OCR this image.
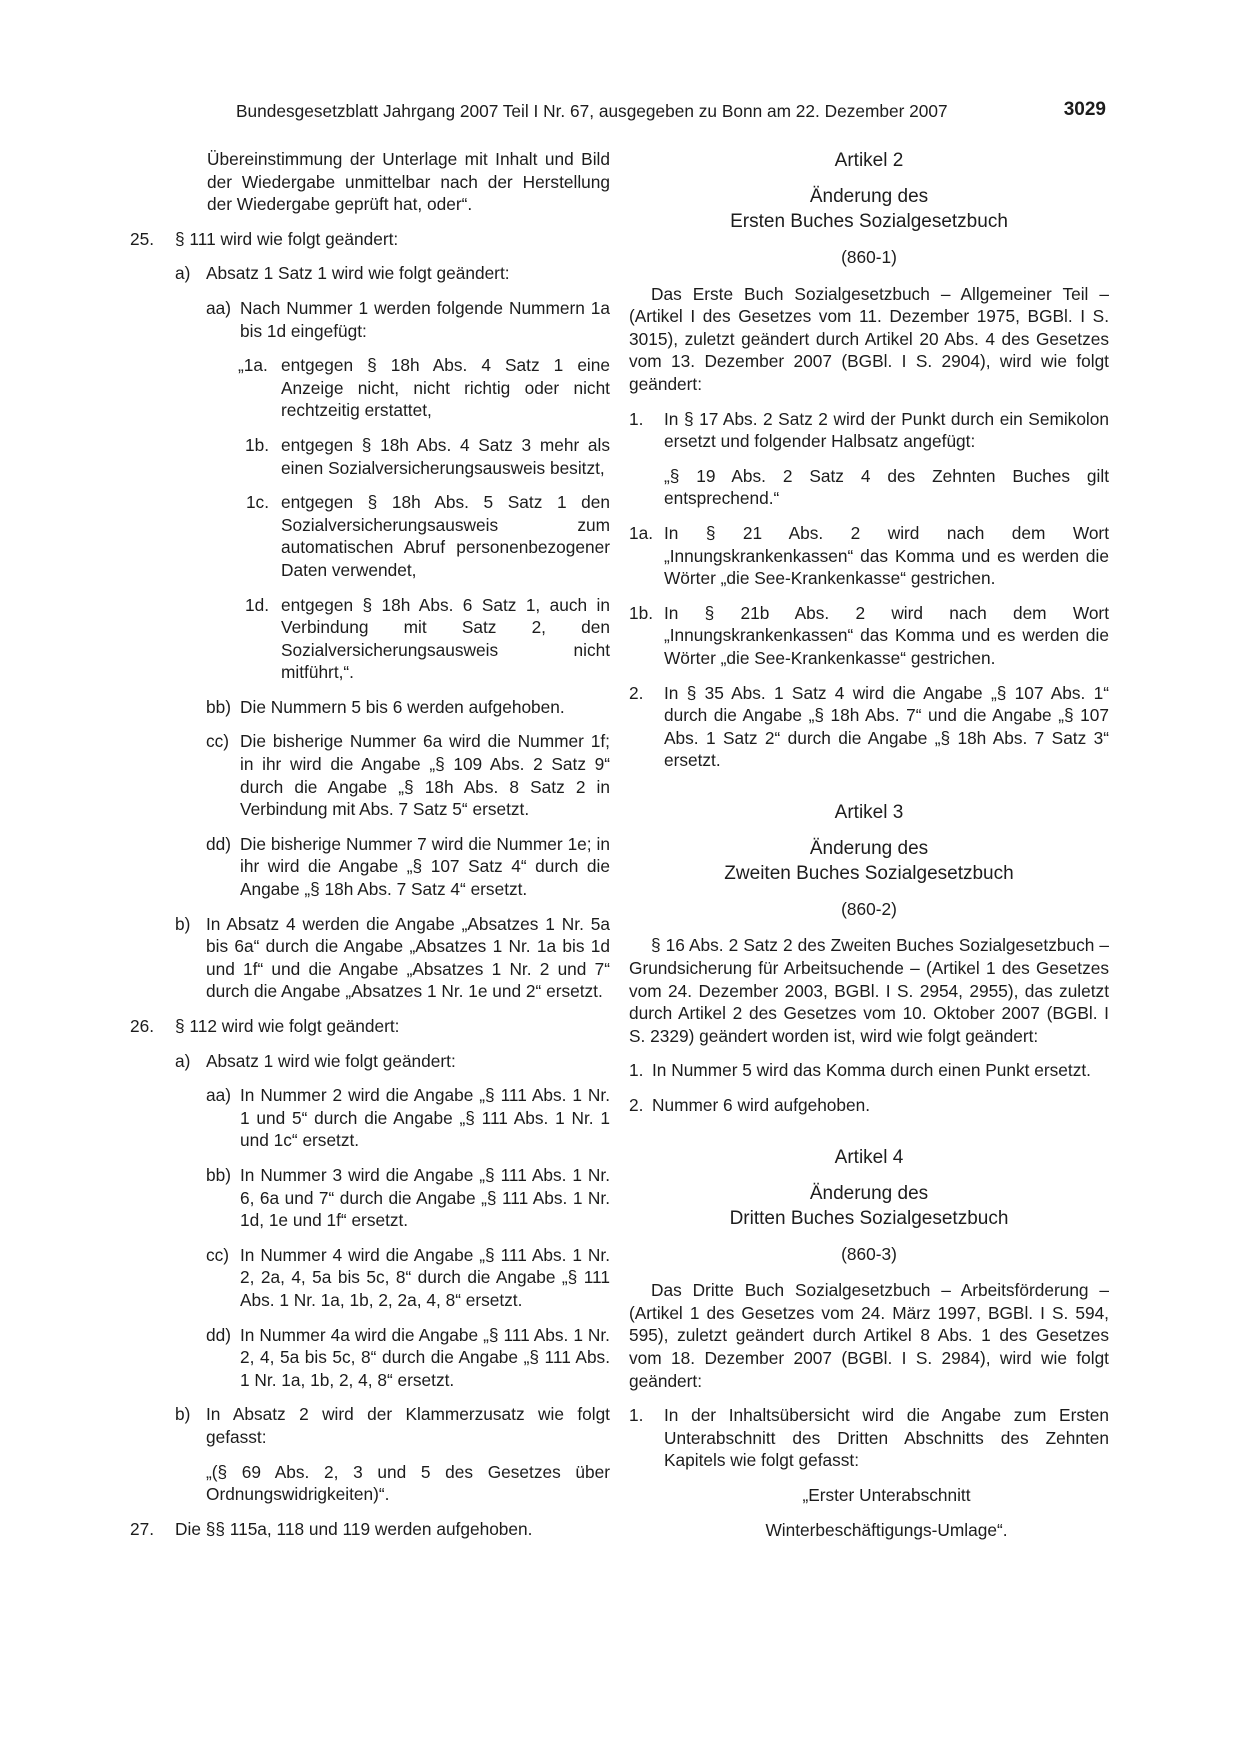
Bundesgesetzblatt Jahrgang 2007 Teil I Nr. 67, ausgegeben zu Bonn am 22. Dezember 2007	3029

Übereinstimmung der Unterlage mit Inhalt und Bild der Wiedergabe unmittelbar nach der Herstellung der Wiedergabe geprüft hat, oder“.

25.	§ 111 wird wie folgt geändert:
a) Absatz 1 Satz 1 wird wie folgt geändert:
aa) Nach Nummer 1 werden folgende Nummern 1a bis 1d eingefügt:
„1a. entgegen § 18h Abs. 4 Satz 1 eine Anzeige nicht, nicht richtig oder nicht rechtzeitig erstattet,
1b. entgegen § 18h Abs. 4 Satz 3 mehr als einen Sozialversicherungsausweis besitzt,
1c. entgegen § 18h Abs. 5 Satz 1 den Sozialversicherungsausweis zum automatischen Abruf personenbezogener Daten verwendet,
1d. entgegen § 18h Abs. 6 Satz 1, auch in Verbindung mit Satz 2, den Sozialversicherungsausweis nicht mitführt,“.
bb) Die Nummern 5 bis 6 werden aufgehoben.
cc) Die bisherige Nummer 6a wird die Nummer 1f; in ihr wird die Angabe „§ 109 Abs. 2 Satz 9“ durch die Angabe „§ 18h Abs. 8 Satz 2 in Verbindung mit Abs. 7 Satz 5“ ersetzt.
dd) Die bisherige Nummer 7 wird die Nummer 1e; in ihr wird die Angabe „§ 107 Satz 4“ durch die Angabe „§ 18h Abs. 7 Satz 4“ ersetzt.
b) In Absatz 4 werden die Angabe „Absatzes 1 Nr. 5a bis 6a“ durch die Angabe „Absatzes 1 Nr. 1a bis 1d und 1f“ und die Angabe „Absatzes 1 Nr. 2 und 7“ durch die Angabe „Absatzes 1 Nr. 1e und 2“ ersetzt.
26.	§ 112 wird wie folgt geändert:
a) Absatz 1 wird wie folgt geändert:
aa) In Nummer 2 wird die Angabe „§ 111 Abs. 1 Nr. 1 und 5“ durch die Angabe „§ 111 Abs. 1 Nr. 1 und 1c“ ersetzt.
bb) In Nummer 3 wird die Angabe „§ 111 Abs. 1 Nr. 6, 6a und 7“ durch die Angabe „§ 111 Abs. 1 Nr. 1d, 1e und 1f“ ersetzt.
cc) In Nummer 4 wird die Angabe „§ 111 Abs. 1 Nr. 2, 2a, 4, 5a bis 5c, 8“ durch die Angabe „§ 111 Abs. 1 Nr. 1a, 1b, 2, 2a, 4, 8“ ersetzt.
dd) In Nummer 4a wird die Angabe „§ 111 Abs. 1 Nr. 2, 4, 5a bis 5c, 8“ durch die Angabe „§ 111 Abs. 1 Nr. 1a, 1b, 2, 4, 8“ ersetzt.
b) In Absatz 2 wird der Klammerzusatz wie folgt gefasst:

„(§ 69 Abs. 2, 3 und 5 des Gesetzes über Ordnungswidrigkeiten)“.

27.	Die §§ 115a, 118 und 119 werden aufgehoben.

Artikel 2

Änderung des

Ersten Buches Sozialgesetzbuch

(860-1)

Das Erste Buch Sozialgesetzbuch – Allgemeiner Teil – (Artikel I des Gesetzes vom 11. Dezember 1975, BGBl. I S. 3015), zuletzt geändert durch Artikel 20 Abs. 4 des Gesetzes vom 13. Dezember 2007 (BGBl. I S. 2904), wird wie folgt geändert:

1.	In § 17 Abs. 2 Satz 2 wird der Punkt durch ein Semikolon ersetzt und folgender Halbsatz angefügt:

„§ 19 Abs. 2 Satz 4 des Zehnten Buches gilt entsprechend.“

1a. In § 21 Abs. 2 wird nach dem Wort „Innungskrankenkassen“ das Komma und es werden die Wörter „die See-Krankenkasse“ gestrichen.
1b. In § 21b Abs. 2 wird nach dem Wort „Innungskrankenkassen“ das Komma und es werden die Wörter „die See-Krankenkasse“ gestrichen.
2.	In § 35 Abs. 1 Satz 4 wird die Angabe „§ 107 Abs. 1“ durch die Angabe „§ 18h Abs. 7“ und die Angabe „§ 107 Abs. 1 Satz 2“ durch die Angabe „§ 18h Abs. 7 Satz 3“ ersetzt.

Artikel 3

Änderung des

Zweiten Buches Sozialgesetzbuch

(860-2)

§ 16 Abs. 2 Satz 2 des Zweiten Buches Sozialgesetzbuch – Grundsicherung für Arbeitsuchende – (Artikel 1 des Gesetzes vom 24. Dezember 2003, BGBl. I S. 2954, 2955), das zuletzt durch Artikel 2 des Gesetzes vom 10. Oktober 2007 (BGBl. I S. 2329) geändert worden ist, wird wie folgt geändert:

1. In Nummer 5 wird das Komma durch einen Punkt ersetzt.
2. Nummer 6 wird aufgehoben.

Artikel 4

Änderung des

Dritten Buches Sozialgesetzbuch

(860-3)

Das Dritte Buch Sozialgesetzbuch – Arbeitsförderung – (Artikel 1 des Gesetzes vom 24. März 1997, BGBl. I S. 594, 595), zuletzt geändert durch Artikel 8 Abs. 1 des Gesetzes vom 18. Dezember 2007 (BGBl. I S. 2984), wird wie folgt geändert:

1.	In der Inhaltsübersicht wird die Angabe zum Ersten Unterabschnitt des Dritten Abschnitts des Zehnten Kapitels wie folgt gefasst:

„Erster Unterabschnitt

Winterbeschäftigungs-Umlage“.
